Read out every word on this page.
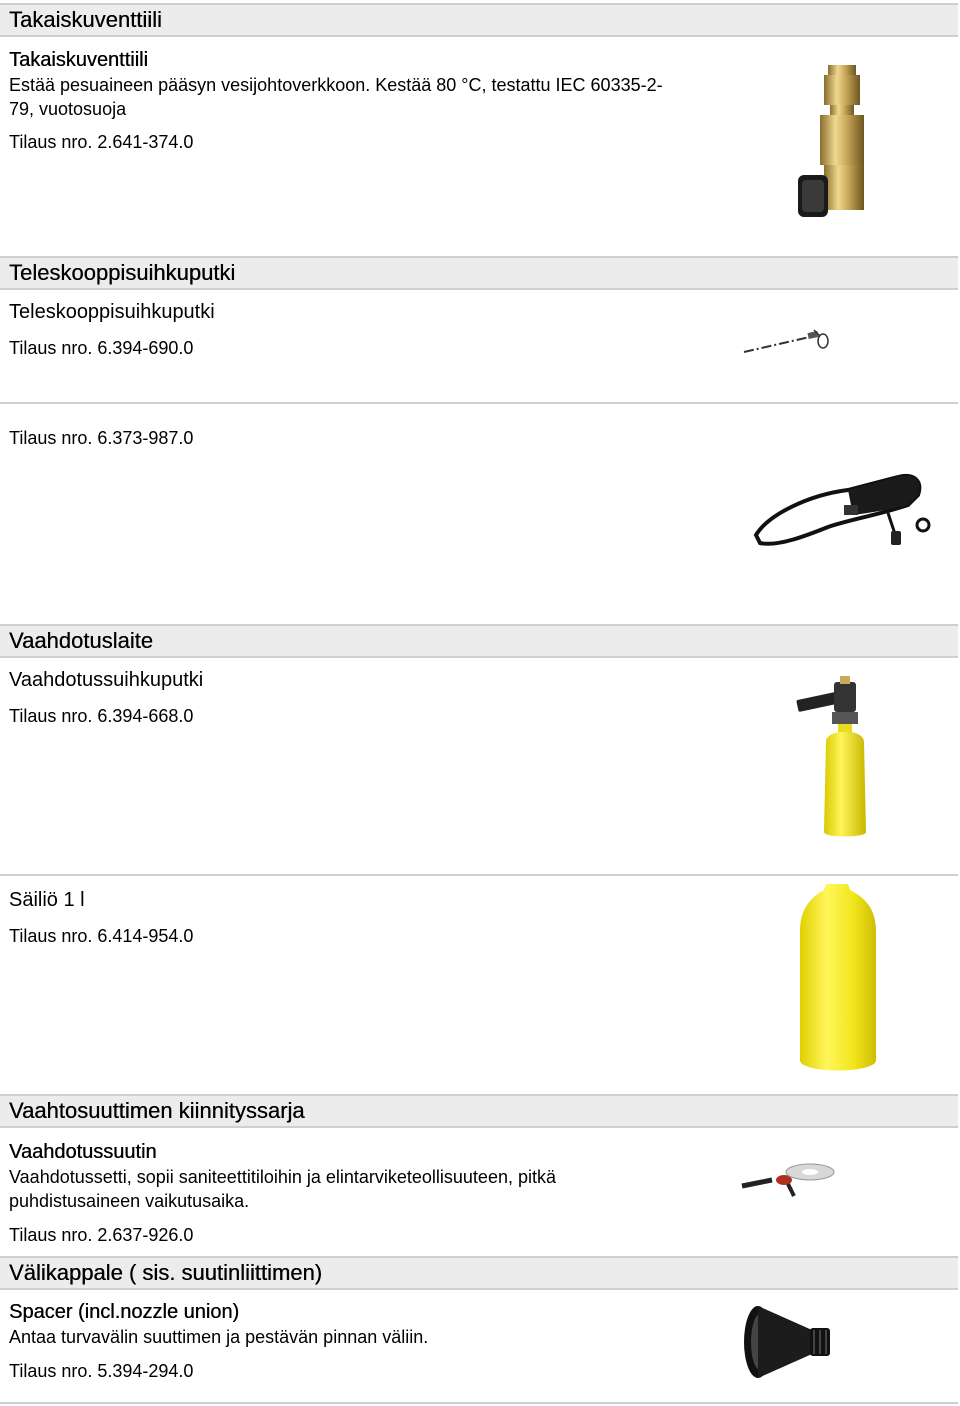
Takaiskuventtiili
Takaiskuventtiili
Estää pesuaineen pääsyn vesijohtoverkkoon. Kestää 80 °C, testattu IEC 60335-2-79, vuotosuoja
Tilaus nro. 2.641-374.0
Teleskooppisuihkuputki
Teleskooppisuihkuputki
Tilaus nro. 6.394-690.0
Tilaus nro. 6.373-987.0
Vaahdotuslaite
Vaahdotussuihkuputki
Tilaus nro. 6.394-668.0
Säiliö 1 l
Tilaus nro. 6.414-954.0
Vaahtosuuttimen kiinnityssarja
Vaahdotussuutin
Vaahdotussetti, sopii saniteettitiloihin ja elintarviketeollisuuteen, pitkä puhdistusaineen vaikutusaika.
Tilaus nro. 2.637-926.0
Välikappale ( sis. suutinliittimen)
Spacer (incl.nozzle union)
Antaa turvavälin suuttimen ja pestävän pinnan väliin.
Tilaus nro. 5.394-294.0
